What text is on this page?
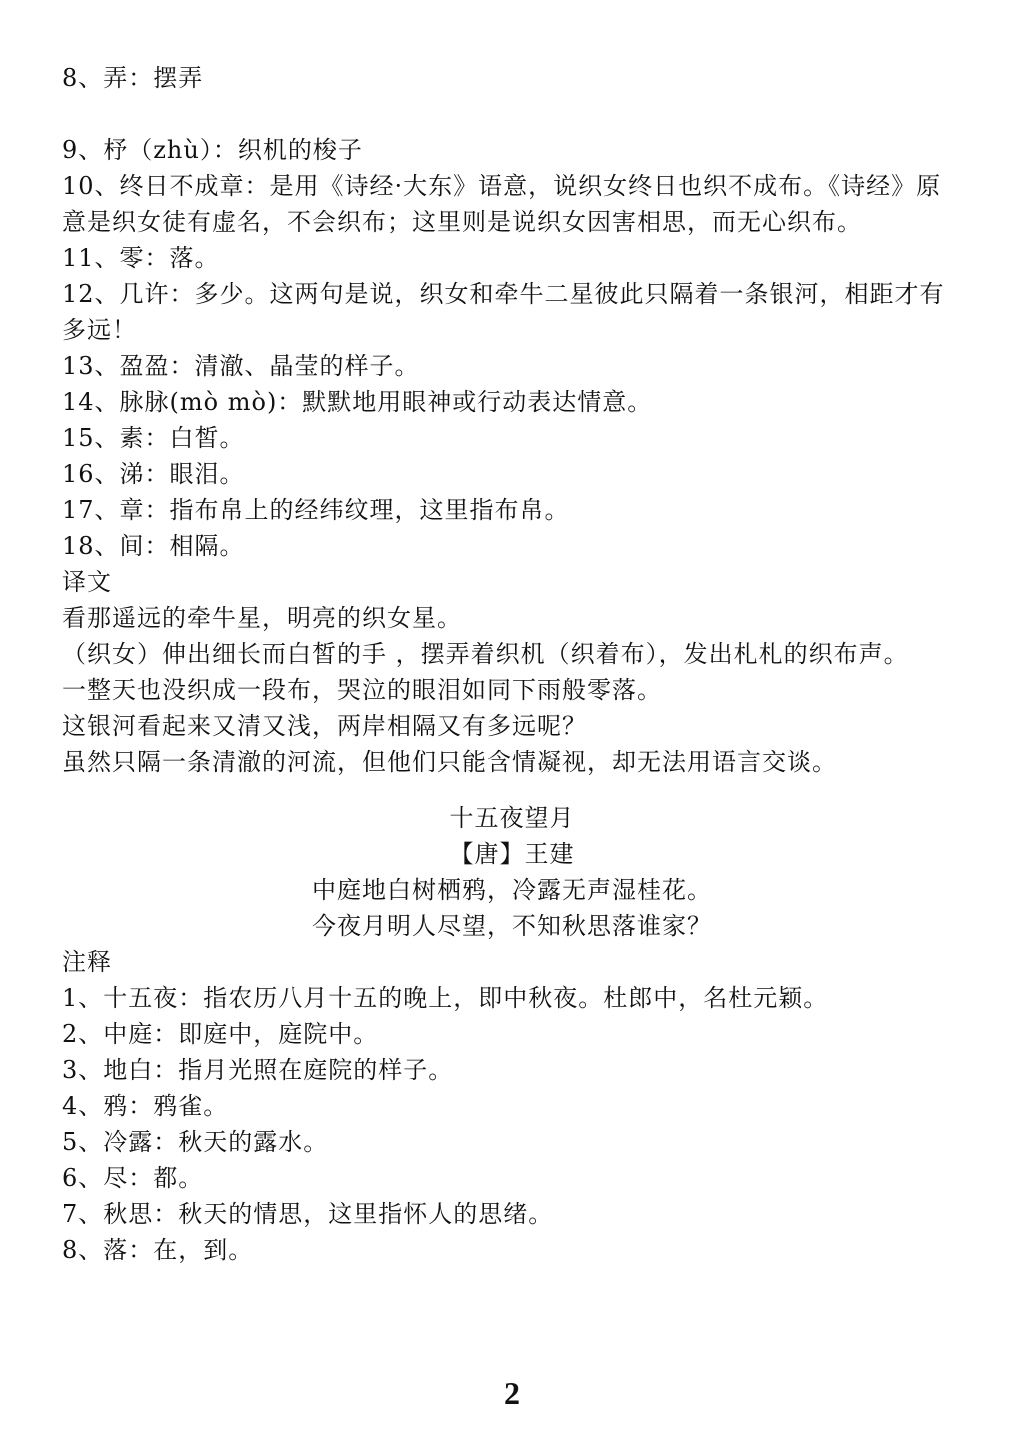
8、弄：摆弄

9、杼（zhù）：织机的梭子

10、终日不成章：是用《诗经·大东》语意，说织女终日也织不成布。《诗经》原意是织女徒有虚名，不会织布；这里则是说织女因害相思，而无心织布。

11、零：落。

12、几许：多少。这两句是说，织女和牵牛二星彼此只隔着一条银河，相距才有多远！

13、盈盈：清澈、晶莹的样子。

14、脉脉(mò mò)：默默地用眼神或行动表达情意。

15、素：白皙。

16、涕：眼泪。

17、章：指布帛上的经纬纹理，这里指布帛。

18、间：相隔。

译文

看那遥远的牵牛星，明亮的织女星。

（织女）伸出细长而白皙的手 ，摆弄着织机（织着布），发出札札的织布声。

一整天也没织成一段布，哭泣的眼泪如同下雨般零落。

这银河看起来又清又浅，两岸相隔又有多远呢？

虽然只隔一条清澈的河流，但他们只能含情凝视，却无法用语言交谈。

十五夜望月

【唐】王建

中庭地白树栖鸦，冷露无声湿桂花。

今夜月明人尽望，不知秋思落谁家？

注释

1、十五夜：指农历八月十五的晚上，即中秋夜。杜郎中，名杜元颖。

2、中庭：即庭中，庭院中。

3、地白：指月光照在庭院的样子。

4、鸦：鸦雀。

5、冷露：秋天的露水。

6、尽：都。

7、秋思：秋天的情思，这里指怀人的思绪。

8、落：在，到。

2
